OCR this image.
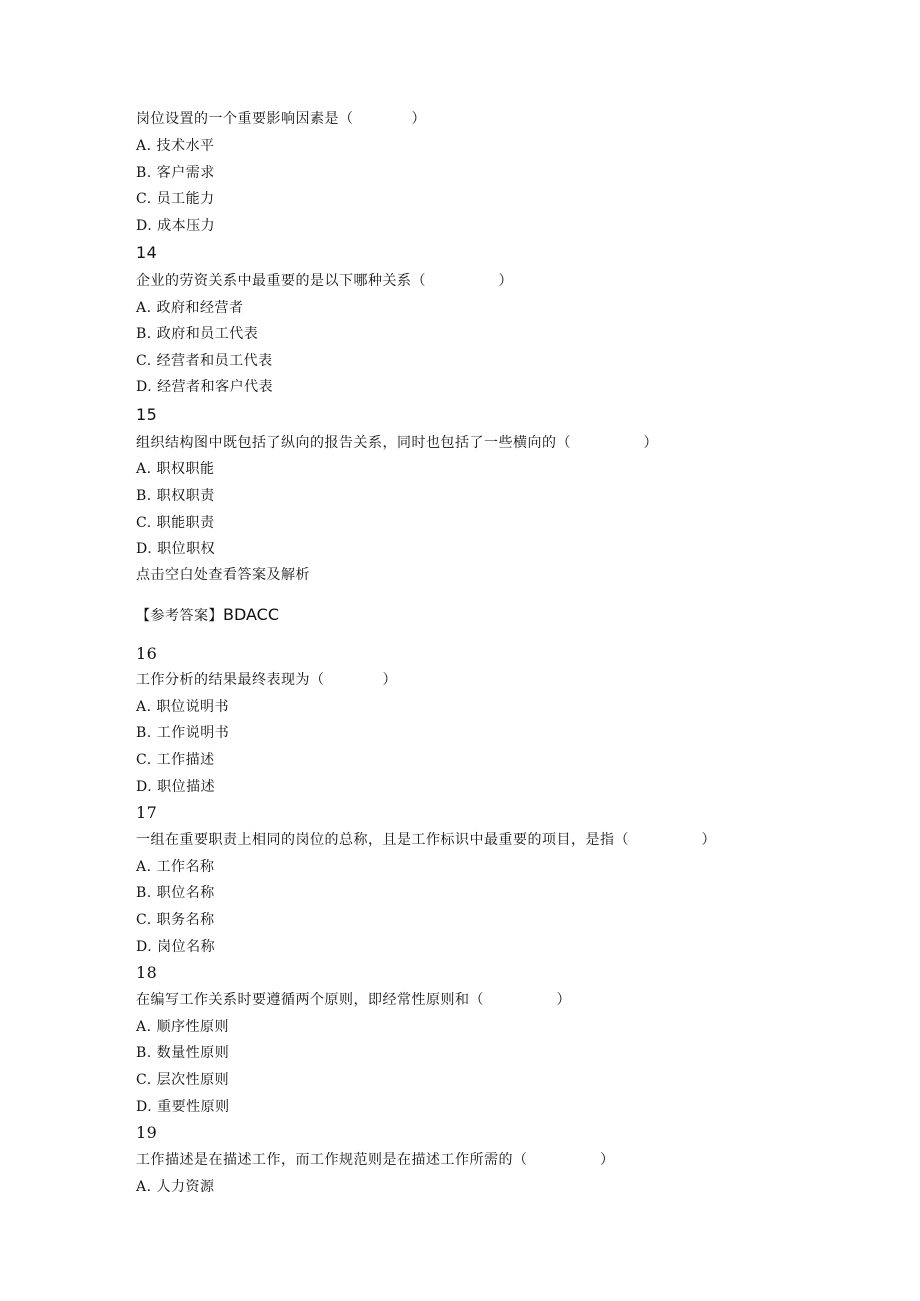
岗位设置的一个重要影响因素是（　　　　）
A. 技术水平
B. 客户需求
C. 员工能力
D. 成本压力
14
企业的劳资关系中最重要的是以下哪种关系（　　　　　）
A. 政府和经营者
B. 政府和员工代表
C. 经营者和员工代表
D. 经营者和客户代表
15
组织结构图中既包括了纵向的报告关系，同时也包括了一些横向的（　　　　　）
A. 职权职能
B. 职权职责
C. 职能职责
D. 职位职权
点击空白处查看答案及解析
【参考答案】BDACC
16
工作分析的结果最终表现为（　　　　）
A. 职位说明书
B. 工作说明书
C. 工作描述
D. 职位描述
17
一组在重要职责上相同的岗位的总称，且是工作标识中最重要的项目，是指（　　　　　）
A. 工作名称
B. 职位名称
C. 职务名称
D. 岗位名称
18
在编写工作关系时要遵循两个原则，即经常性原则和（　　　　　）
A. 顺序性原则
B. 数量性原则
C. 层次性原则
D. 重要性原则
19
工作描述是在描述工作，而工作规范则是在描述工作所需的（　　　　　）
A. 人力资源
